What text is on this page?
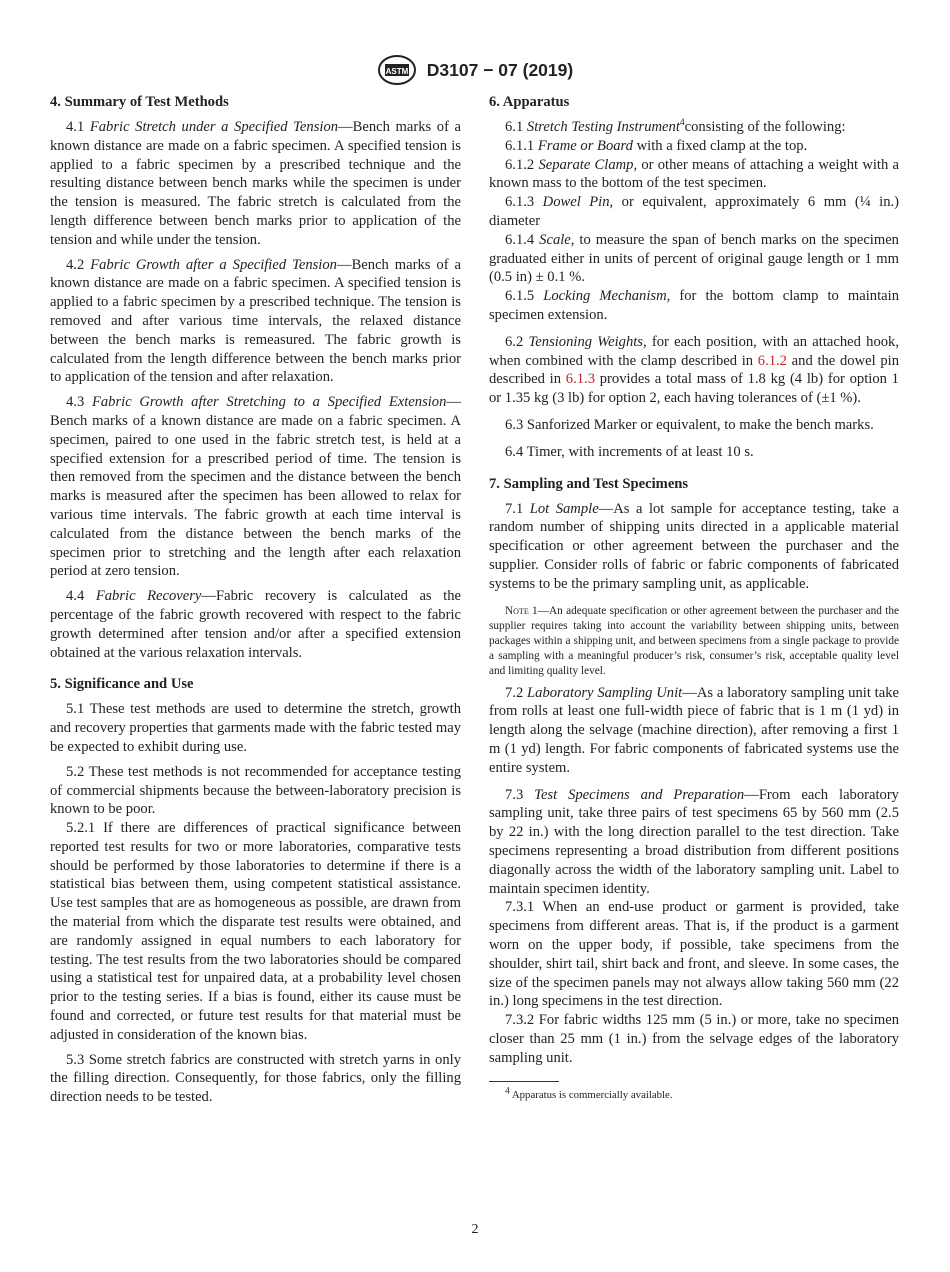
ASTM D3107 − 07 (2019)
4. Summary of Test Methods

4.1 Fabric Stretch under a Specified Tension—Bench marks of a known distance are made on a fabric specimen. A specified tension is applied to a fabric specimen by a prescribed technique and the resulting distance between bench marks while the specimen is under the tension is measured. The fabric stretch is calculated from the length difference between bench marks prior to application of the tension and while under the tension.

4.2 Fabric Growth after a Specified Tension—Bench marks of a known distance are made on a fabric specimen. A specified tension is applied to a fabric specimen by a prescribed technique. The tension is removed and after various time intervals, the relaxed distance between the bench marks is remeasured. The fabric growth is calculated from the length difference between the bench marks prior to application of the tension and after relaxation.

4.3 Fabric Growth after Stretching to a Specified Extension—Bench marks of a known distance are made on a fabric specimen. A specimen, paired to one used in the fabric stretch test, is held at a specified extension for a prescribed period of time. The tension is then removed from the specimen and the distance between the bench marks is measured after the specimen has been allowed to relax for various time intervals. The fabric growth at each time interval is calculated from the distance between the bench marks of the specimen prior to stretching and the length after each relaxation period at zero tension.

4.4 Fabric Recovery—Fabric recovery is calculated as the percentage of the fabric growth recovered with respect to the fabric growth determined after tension and/or after a specified extension obtained at the various relaxation intervals.

5. Significance and Use

5.1 These test methods are used to determine the stretch, growth and recovery properties that garments made with the fabric tested may be expected to exhibit during use.

5.2 These test methods is not recommended for acceptance testing of commercial shipments because the between-laboratory precision is known to be poor.

5.2.1 If there are differences of practical significance between reported test results for two or more laboratories, comparative tests should be performed by those laboratories to determine if there is a statistical bias between them, using competent statistical assistance. Use test samples that are as homogeneous as possible, are drawn from the material from which the disparate test results were obtained, and are randomly assigned in equal numbers to each laboratory for testing. The test results from the two laboratories should be compared using a statistical test for unpaired data, at a probability level chosen prior to the testing series. If a bias is found, either its cause must be found and corrected, or future test results for that material must be adjusted in consideration of the known bias.

5.3 Some stretch fabrics are constructed with stretch yarns in only the filling direction. Consequently, for those fabrics, only the filling direction needs to be tested.

6. Apparatus

6.1 Stretch Testing Instrument$^4$consisting of the following:

6.1.1 Frame or Board with a fixed clamp at the top.

6.1.2 Separate Clamp, or other means of attaching a weight with a known mass to the bottom of the test specimen.

6.1.3 Dowel Pin, or equivalent, approximately 6 mm (¼ in.) diameter

6.1.4 Scale, to measure the span of bench marks on the specimen graduated either in units of percent of original gauge length or 1 mm (0.5 in) ± 0.1 %.

6.1.5 Locking Mechanism, for the bottom clamp to maintain specimen extension.

6.2 Tensioning Weights, for each position, with an attached hook, when combined with the clamp described in 6.1.2 and the dowel pin described in 6.1.3 provides a total mass of 1.8 kg (4 lb) for option 1 or 1.35 kg (3 lb) for option 2, each having tolerances of (±1 %).

6.3 Sanforized Marker or equivalent, to make the bench marks.

6.4 Timer, with increments of at least 10 s.

7. Sampling and Test Specimens

7.1 Lot Sample—As a lot sample for acceptance testing, take a random number of shipping units directed in a applicable material specification or other agreement between the purchaser and the supplier. Consider rolls of fabric or fabric components of fabricated systems to be the primary sampling unit, as applicable.

Note 1—An adequate specification or other agreement between the purchaser and the supplier requires taking into account the variability between shipping units, between packages within a shipping unit, and between specimens from a single package to provide a sampling with a meaningful producer’s risk, consumer’s risk, acceptable quality level and limiting quality level.

7.2 Laboratory Sampling Unit—As a laboratory sampling unit take from rolls at least one full-width piece of fabric that is 1 m (1 yd) in length along the selvage (machine direction), after removing a first 1 m (1 yd) length. For fabric components of fabricated systems use the entire system.

7.3 Test Specimens and Preparation—From each laboratory sampling unit, take three pairs of test specimens 65 by 560 mm (2.5 by 22 in.) with the long direction parallel to the test direction. Take specimens representing a broad distribution from different positions diagonally across the width of the laboratory sampling unit. Label to maintain specimen identity.

7.3.1 When an end-use product or garment is provided, take specimens from different areas. That is, if the product is a garment worn on the upper body, if possible, take specimens from the shoulder, shirt tail, shirt back and front, and sleeve. In some cases, the size of the specimen panels may not always allow taking 560 mm (22 in.) long specimens in the test direction.

7.3.2 For fabric widths 125 mm (5 in.) or more, take no specimen closer than 25 mm (1 in.) from the selvage edges of the laboratory sampling unit.

$^4$ Apparatus is commercially available.

2
